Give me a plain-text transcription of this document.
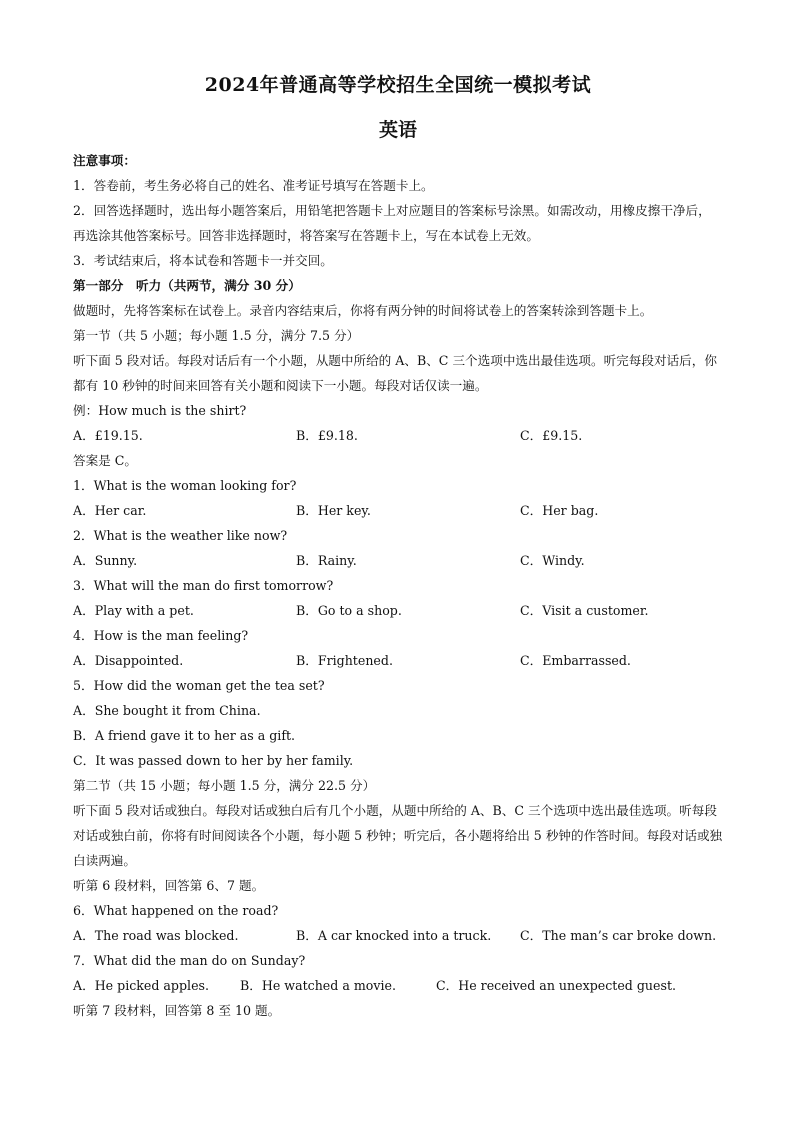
2024年普通高等学校招生全国统一模拟考试
英语
注意事项：
1．答卷前，考生务必将自己的姓名、准考证号填写在答题卡上。
2．回答选择题时，选出每小题答案后，用铅笔把答题卡上对应题目的答案标号涂黑。如需改动，用橡皮擦干净后，再选涂其他答案标号。回答非选择题时，将答案写在答题卡上，写在本试卷上无效。
3．考试结束后，将本试卷和答题卡一并交回。
第一部分　听力（共两节，满分 30 分）
做题时，先将答案标在试卷上。录音内容结束后，你将有两分钟的时间将试卷上的答案转涂到答题卡上。
第一节（共 5 小题；每小题 1.5 分，满分 7.5 分）
听下面 5 段对话。每段对话后有一个小题，从题中所给的 A、B、C 三个选项中选出最佳选项。听完每段对话后，你都有 10 秒钟的时间来回答有关小题和阅读下一小题。每段对话仅读一遍。
例：How much is the shirt?
A．£19.15.	B．£9.18.	C．£9.15.
答案是 C。
1．What is the woman looking for?
A．Her car.	B．Her key.	C．Her bag.
2．What is the weather like now?
A．Sunny.	B．Rainy.	C．Windy.
3．What will the man do first tomorrow?
A．Play with a pet.	B．Go to a shop.	C．Visit a customer.
4．How is the man feeling?
A．Disappointed.	B．Frightened.	C．Embarrassed.
5．How did the woman get the tea set?
A．She bought it from China.
B．A friend gave it to her as a gift.
C．It was passed down to her by her family.
第二节（共 15 小题；每小题 1.5 分，满分 22.5 分）
听下面 5 段对话或独白。每段对话或独白后有几个小题，从题中所给的 A、B、C 三个选项中选出最佳选项。听每段对话或独白前，你将有时间阅读各个小题，每小题 5 秒钟；听完后，各小题将给出 5 秒钟的作答时间。每段对话或独白读两遍。
听第 6 段材料，回答第 6、7 题。
6．What happened on the road?
A．The road was blocked.	B．A car knocked into a truck.	C．The man’s car broke down.
7．What did the man do on Sunday?
A．He picked apples.	B．He watched a movie.	C．He received an unexpected guest.
听第 7 段材料，回答第 8 至 10 题。
